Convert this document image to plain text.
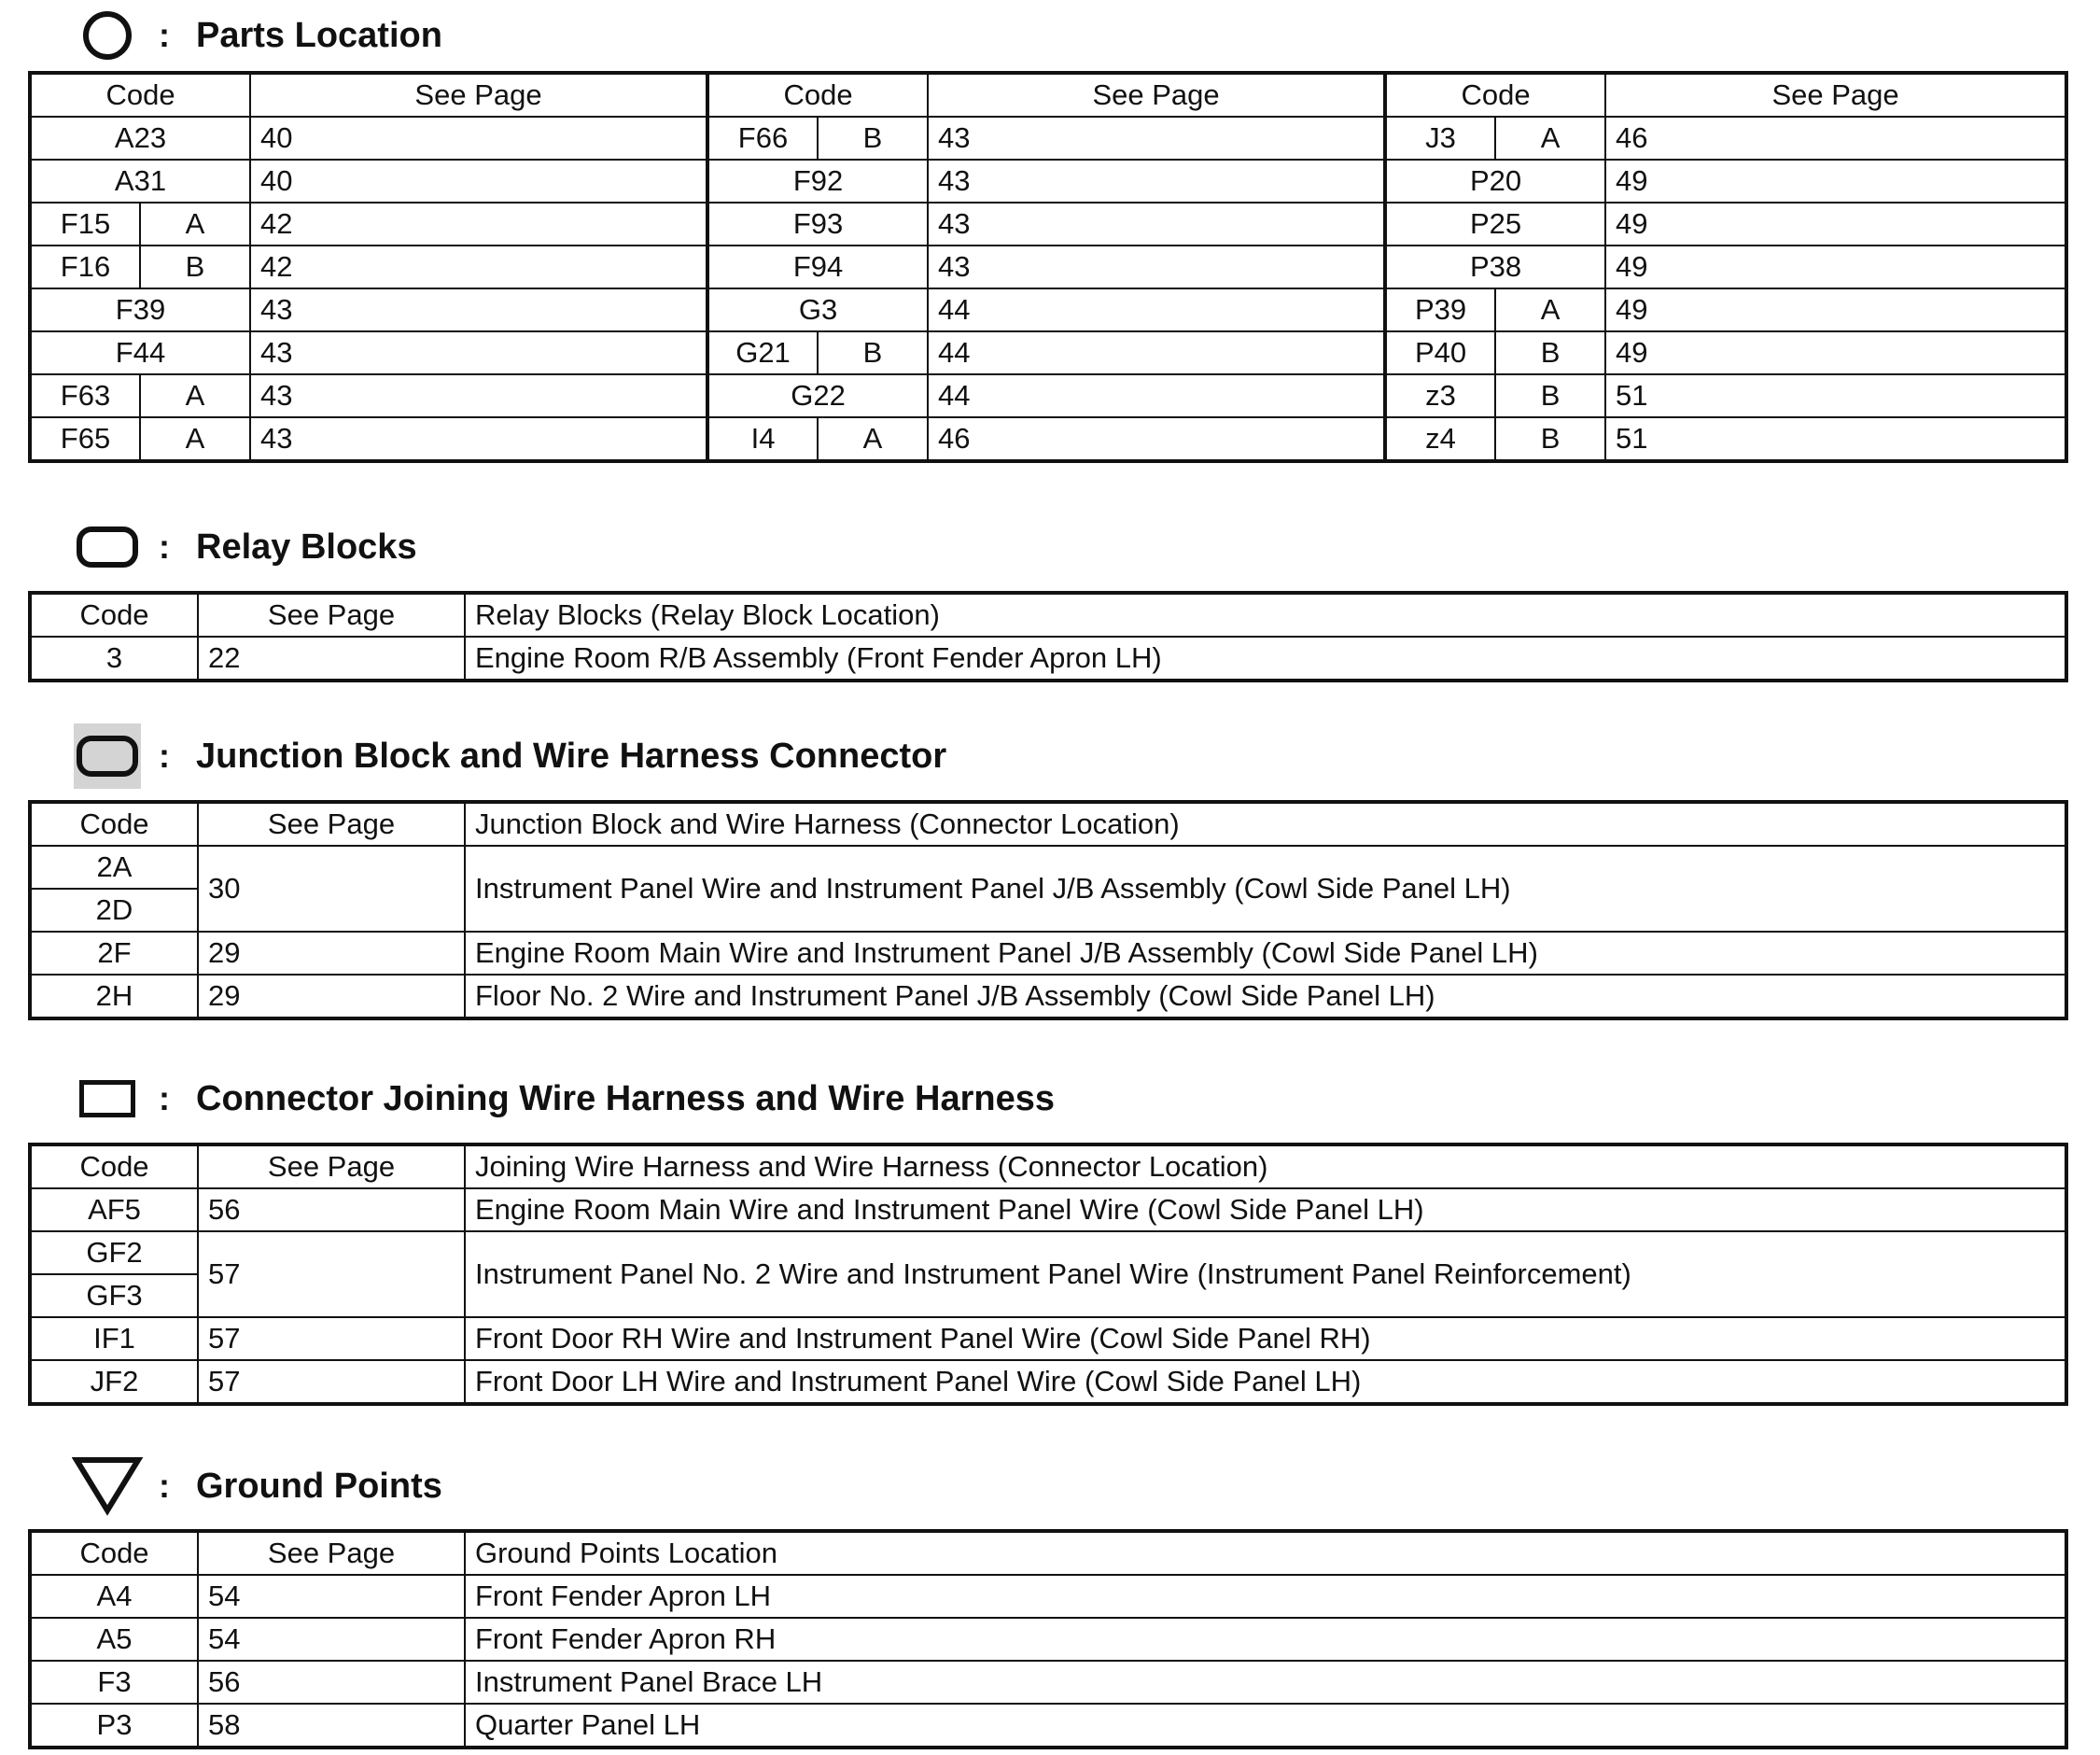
: Parts Location
Code		See Page	Code		See Page	Code		See Page
A23		40	F66	B	43	J3	A	46
A31		40	F92		43	P20		49
F15	A	42	F93		43	P25		49
F16	B	42	F94		43	P38		49
F39		43	G3		44	P39	A	49
F44		43	G21	B	44	P40	B	49
F63	A	43	G22		44	z3	B	51
F65	A	43	I4	A	46	z4	B	51
: Relay Blocks
Code	See Page	Relay Blocks (Relay Block Location)
3	22	Engine Room R/B Assembly (Front Fender Apron LH)
: Junction Block and Wire Harness Connector
Code	See Page	Junction Block and Wire Harness (Connector Location)
2A	30	Instrument Panel Wire and Instrument Panel J/B Assembly (Cowl Side Panel LH)
2D		
2F	29	Engine Room Main Wire and Instrument Panel J/B Assembly (Cowl Side Panel LH)
2H	29	Floor No. 2 Wire and Instrument Panel J/B Assembly (Cowl Side Panel LH)
: Connector Joining Wire Harness and Wire Harness
Code	See Page	Joining Wire Harness and Wire Harness (Connector Location)
AF5	56	Engine Room Main Wire and Instrument Panel Wire (Cowl Side Panel LH)
GF2	57	Instrument Panel No. 2 Wire and Instrument Panel Wire (Instrument Panel Reinforcement)
GF3		
IF1	57	Front Door RH Wire and Instrument Panel Wire (Cowl Side Panel RH)
JF2	57	Front Door LH Wire and Instrument Panel Wire (Cowl Side Panel LH)
: Ground Points
Code	See Page	Ground Points Location
A4	54	Front Fender Apron LH
A5	54	Front Fender Apron RH
F3	56	Instrument Panel Brace LH
P3	58	Quarter Panel LH
